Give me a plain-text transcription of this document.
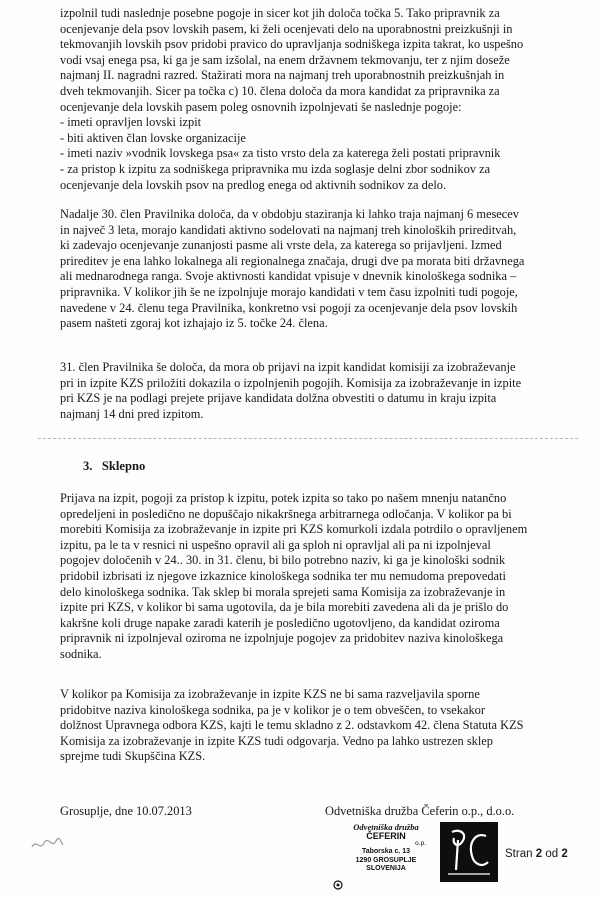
izpolnil tudi naslednje posebne pogoje in sicer kot jih določa točka 5. Tako pripravnik za
ocenjevanje dela psov lovskih pasem, ki želi ocenjevati delo na uporabnostni preizkušnji in
tekmovanjih lovskih psov pridobi pravico do upravljanja sodniškega izpita takrat, ko uspešno
vodi vsaj enega psa, ki ga je sam izšolal, na enem državnem tekmovanju, ter z njim doseže
najmanj II. nagradni razred. Stažirati mora na najmanj treh uporabnostnih preizkušnjah in
dveh tekmovanjih. Sicer pa točka c) 10. člena določa da mora kandidat za pripravnika za
ocenjevanje dela lovskih pasem poleg osnovnih izpolnjevati še naslednje pogoje:
- imeti opravljen lovski izpit
- biti aktiven član lovske organizacije
- imeti naziv »vodnik lovskega psa« za tisto vrsto dela za katerega želi postati pripravnik
- za pristop k izpitu za sodniškega pripravnika mu izda soglasje delni zbor sodnikov za
ocenjevanje dela lovskih psov na predlog enega od aktivnih sodnikov za delo.
Nadalje 30. člen Pravilnika določa, da v obdobju staziranja ki lahko traja najmanj 6 mesecev
in največ 3 leta, morajo kandidati aktivno sodelovati na najmanj treh kinoloških prireditvah,
ki zadevajo ocenjevanje zunanjosti pasme ali vrste dela, za katerega so prijavljeni. Izmed
prireditev je ena lahko lokalnega ali regionalnega značaja, drugi dve pa morata biti državnega
ali mednarodnega ranga. Svoje aktivnosti kandidat vpisuje v dnevnik kinološkega sodnika –
pripravnika. V kolikor jih še ne izpolnjuje morajo kandidati v tem času izpolniti tudi pogoje,
navedene v 24. členu tega Pravilnika, konkretno vsi pogoji za ocenjevanje dela psov lovskih
pasem našteti zgoraj kot izhajajo iz 5. točke 24. člena.
31. člen Pravilnika še določa, da mora ob prijavi na izpit kandidat komisiji za izobraževanje
pri in izpite KZS priložiti dokazila o izpolnjenih pogojih. Komisija za izobraževanje in izpite
pri KZS je na podlagi prejete prijave kandidata dolžna obvestiti o datumu in kraju izpita
najmanj 14 dni pred izpitom.
3.   Sklepno
Prijava na izpit, pogoji za pristop k izpitu, potek izpita so tako po našem mnenju natančno
opredeljeni in posledično ne dopuščajo nikakršnega arbitrarnega odločanja. V kolikor pa bi
morebiti Komisija za izobraževanje in izpite pri KZS komurkoli izdala potrdilo o opravljenem
izpitu, pa le ta v resnici ni uspešno opravil ali ga sploh ni opravljal ali pa ni izpolnjeval
pogojev določenih v 24.. 30. in 31. členu, bi bilo potrebno naziv, ki ga je kinološki sodnik
pridobil izbrisati iz njegove izkaznice kinološkega sodnika ter mu nemudoma prepovedati
delo kinološkega sodnika. Tak sklep bi morala sprejeti sama Komisija za izobraževanje in
izpite pri KZS, v kolikor bi sama ugotovila, da je bila morebiti zavedena ali da je prišlo do
kakršne koli druge napake zaradi katerih je posledično ugotovljeno, da kandidat oziroma
pripravnik ni izpolnjeval oziroma ne izpolnjuje pogojev za pridobitev naziva kinološkega
sodnika.
V kolikor pa Komisija za izobraževanje in izpite KZS ne bi sama razveljavila sporne
pridobitve naziva kinološkega sodnika, pa je v kolikor je o tem obveščen, to vsekakor
dolžnost Upravnega odbora KZS, kajti le temu skladno z 2. odstavkom 42. člena Statuta KZS
Komisija za izobraževanje in izpite KZS tudi odgovarja. Vedno pa lahko ustrezen sklep
sprejme tudi Skupščina KZS.
Grosuplje, dne 10.07.2013	Odvetniška družba Čeferin o.p., d.o.o.
Odvetniška družba
ČEFERIN
o.p.
Taborska c. 13
1290 GROSUPLJE
SLOVENIJA
Stran 2 od 2
